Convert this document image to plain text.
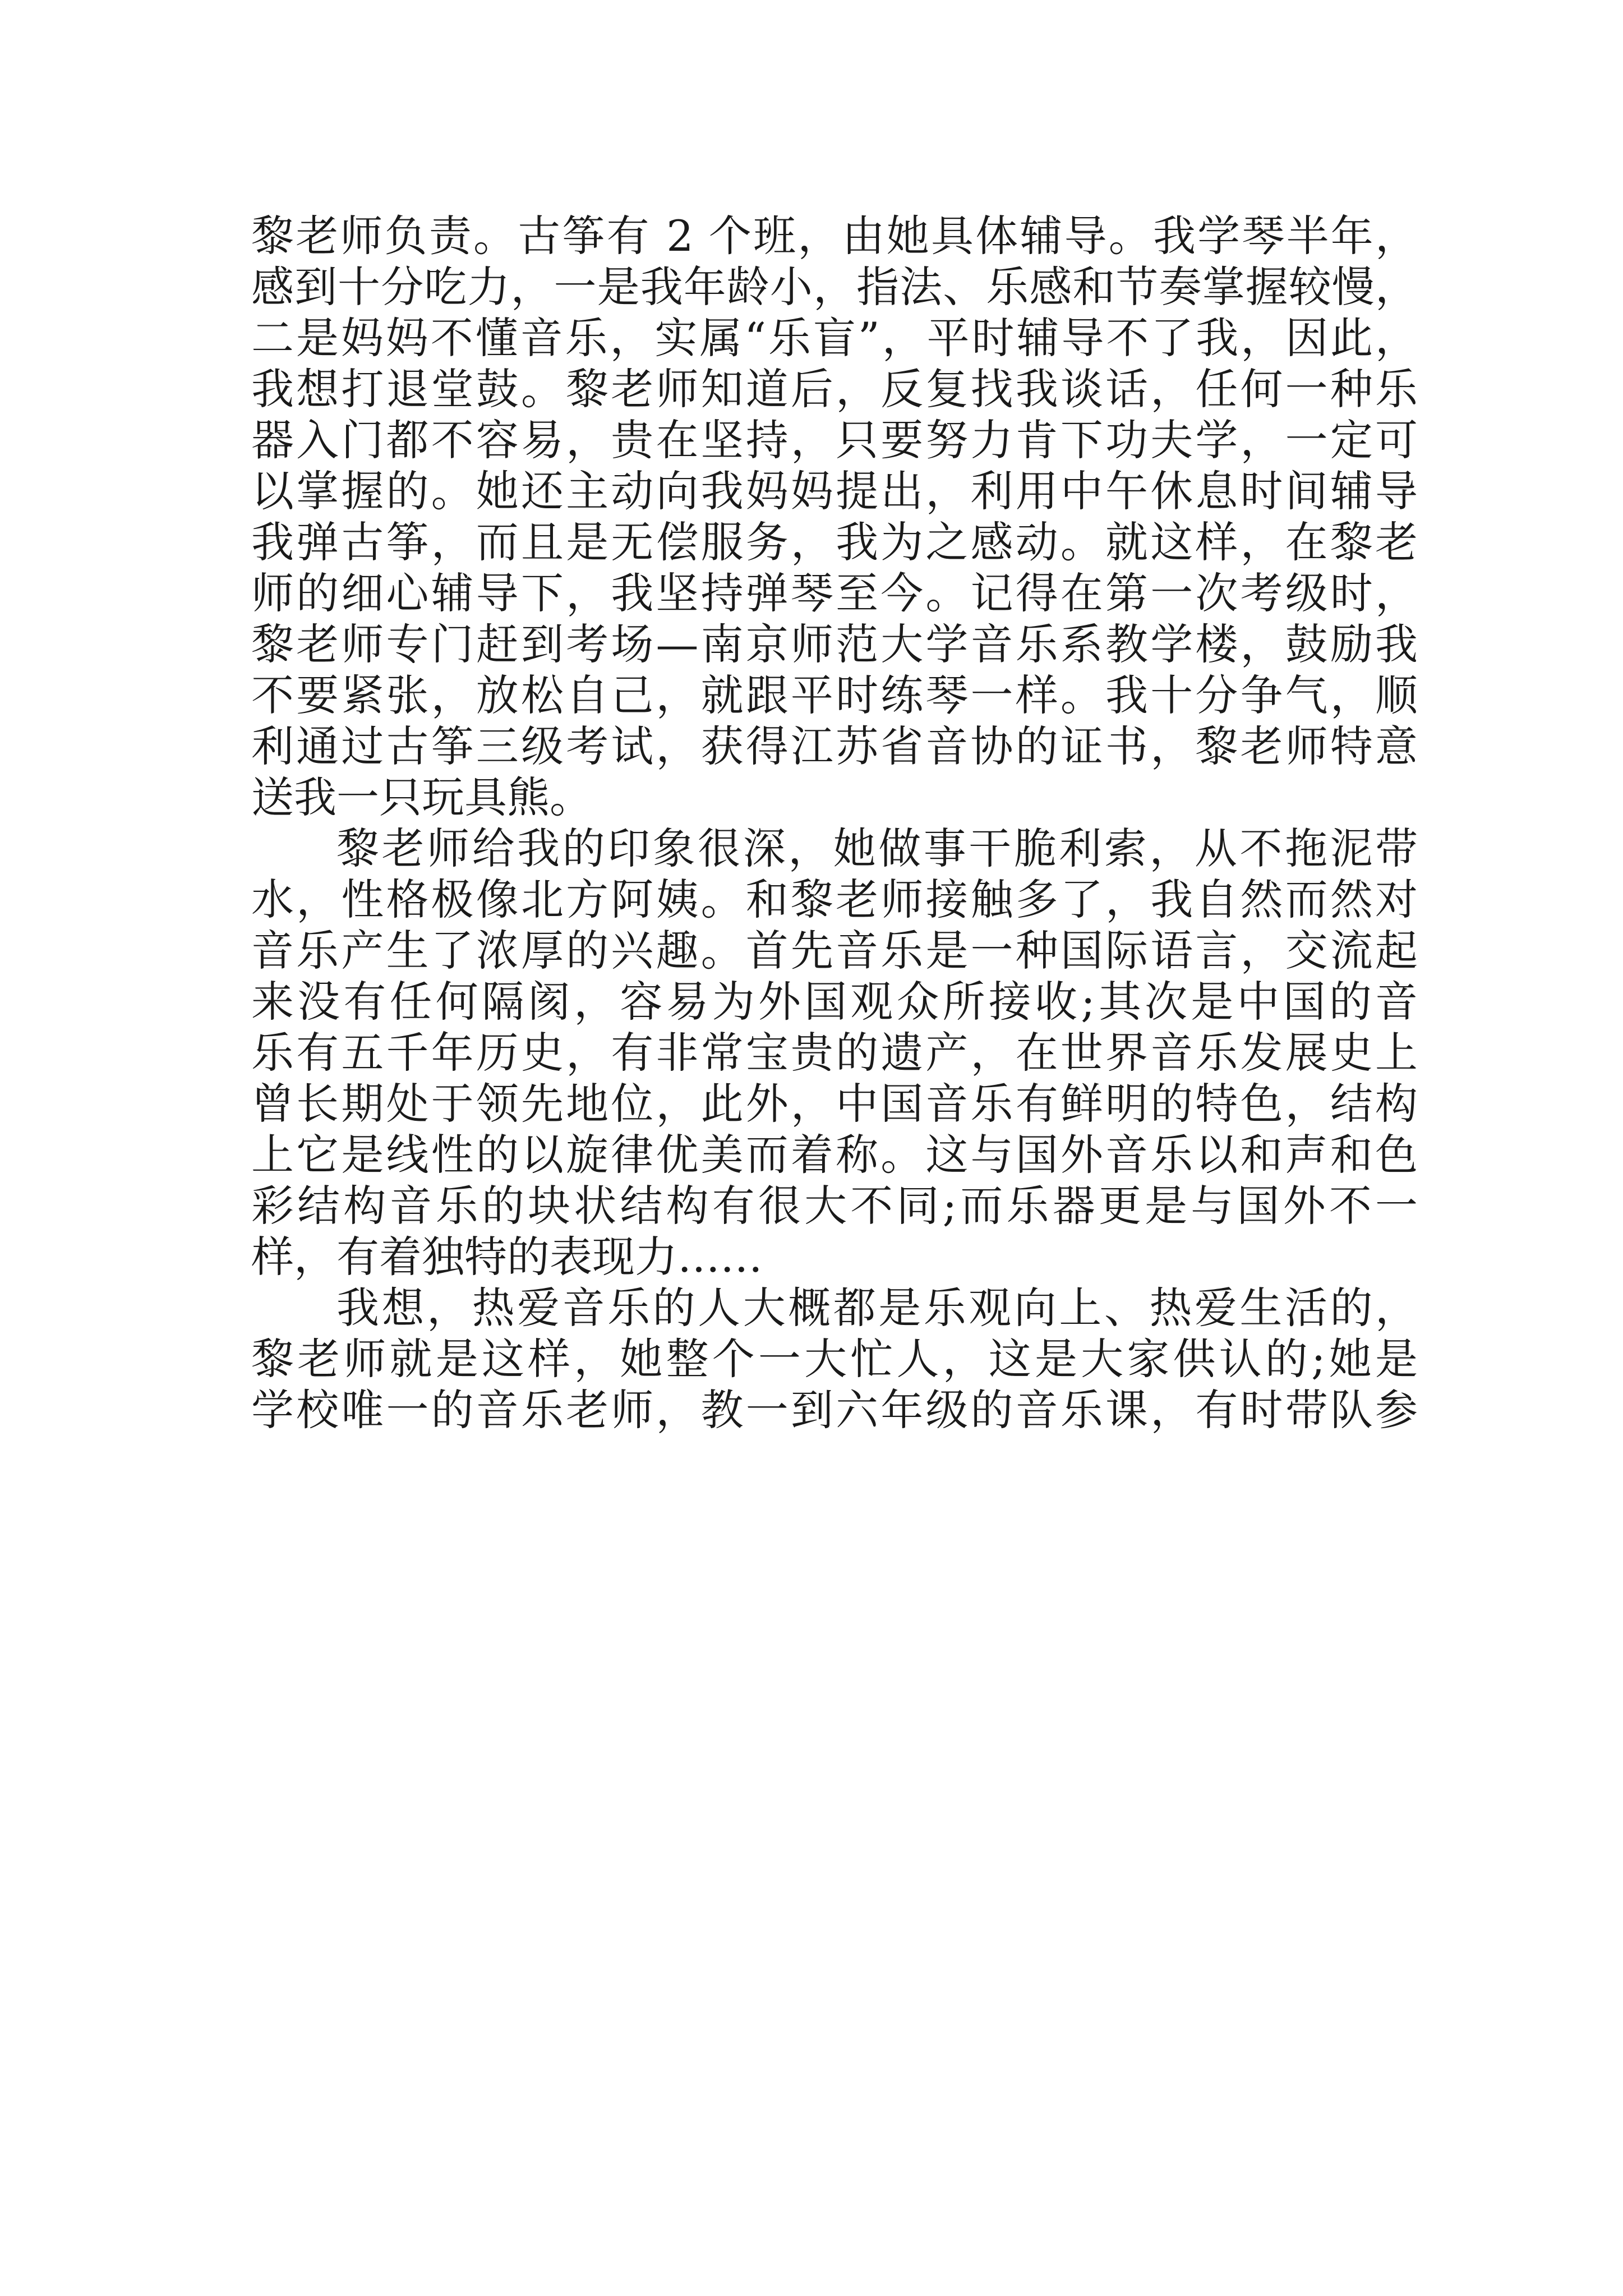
黎老师负责。古筝有 2 个班，由她具体辅导。我学琴半年，
感到十分吃力，一是我年龄小，指法、乐感和节奏掌握较慢，
二是妈妈不懂音乐，实属“乐盲”，平时辅导不了我，因此，
我想打退堂鼓。黎老师知道后，反复找我谈话，任何一种乐
器入门都不容易，贵在坚持，只要努力肯下功夫学，一定可
以掌握的。她还主动向我妈妈提出，利用中午休息时间辅导
我弹古筝，而且是无偿服务，我为之感动。就这样，在黎老
师的细心辅导下，我坚持弹琴至今。记得在第一次考级时，
黎老师专门赶到考场—南京师范大学音乐系教学楼，鼓励我
不要紧张，放松自己，就跟平时练琴一样。我十分争气，顺
利通过古筝三级考试，获得江苏省音协的证书，黎老师特意
送我一只玩具熊。
黎老师给我的印象很深，她做事干脆利索，从不拖泥带
水，性格极像北方阿姨。和黎老师接触多了，我自然而然对
音乐产生了浓厚的兴趣。首先音乐是一种国际语言，交流起
来没有任何隔阂，容易为外国观众所接收;其次是中国的音
乐有五千年历史，有非常宝贵的遗产，在世界音乐发展史上
曾长期处于领先地位，此外，中国音乐有鲜明的特色，结构
上它是线性的以旋律优美而着称。这与国外音乐以和声和色
彩结构音乐的块状结构有很大不同;而乐器更是与国外不一
样，有着独特的表现力……
我想，热爱音乐的人大概都是乐观向上、热爱生活的，
黎老师就是这样，她整个一大忙人，这是大家供认的;她是
学校唯一的音乐老师，教一到六年级的音乐课，有时带队参
